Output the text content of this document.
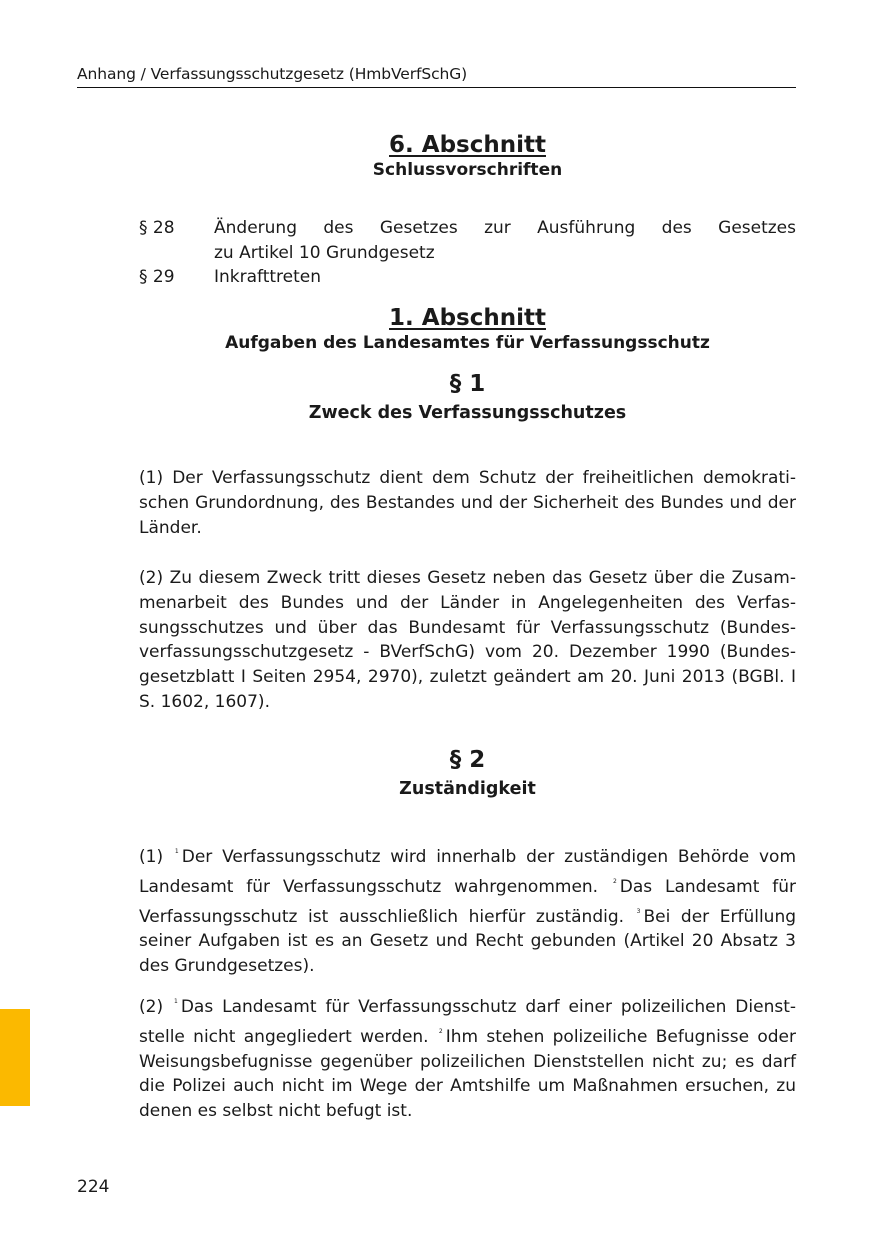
Anhang / Verfassungsschutzgesetz (HmbVerfSchG)

6. Abschnitt

Schlussvorschriften

§ 28	Änderung des Gesetzes zur Ausführung des Gesetzes
zu Artikel 10 Grundgesetz
§ 29	Inkrafttreten

1. Abschnitt

Aufgaben des Landesamtes für Verfassungsschutz

§ 1

Zweck des Verfassungsschutzes

(1) Der Verfassungsschutz dient dem Schutz der freiheitlichen demokratischen Grundordnung, des Bestandes und der Sicherheit des Bundes und der Länder.

(2) Zu diesem Zweck tritt dieses Gesetz neben das Gesetz über die Zusammenarbeit des Bundes und der Länder in Angelegenheiten des Verfassungsschutzes und über das Bundesamt für Verfassungsschutz (Bundesverfassungsschutzgesetz - BVerfSchG) vom 20. Dezember 1990 (Bundesgesetzblatt I Seiten 2954, 2970), zuletzt geändert am 20. Juni 2013 (BGBl. I S. 1602, 1607).

§ 2

Zuständigkeit

(1) $^1$ Der Verfassungsschutz wird innerhalb der zuständigen Behörde vom Landesamt für Verfassungsschutz wahrgenommen. $^2$ Das Landesamt für Verfassungsschutz ist ausschließlich hierfür zuständig. $^3$ Bei der Erfüllung seiner Aufgaben ist es an Gesetz und Recht gebunden (Artikel 20 Absatz 3 des Grundgesetzes).

(2) $^1$ Das Landesamt für Verfassungsschutz darf einer polizeilichen Dienststelle nicht angegliedert werden. $^2$ Ihm stehen polizeiliche Befugnisse oder Weisungsbefugnisse gegenüber polizeilichen Dienststellen nicht zu; es darf die Polizei auch nicht im Wege der Amtshilfe um Maßnahmen ersuchen, zu denen es selbst nicht befugt ist.

224
